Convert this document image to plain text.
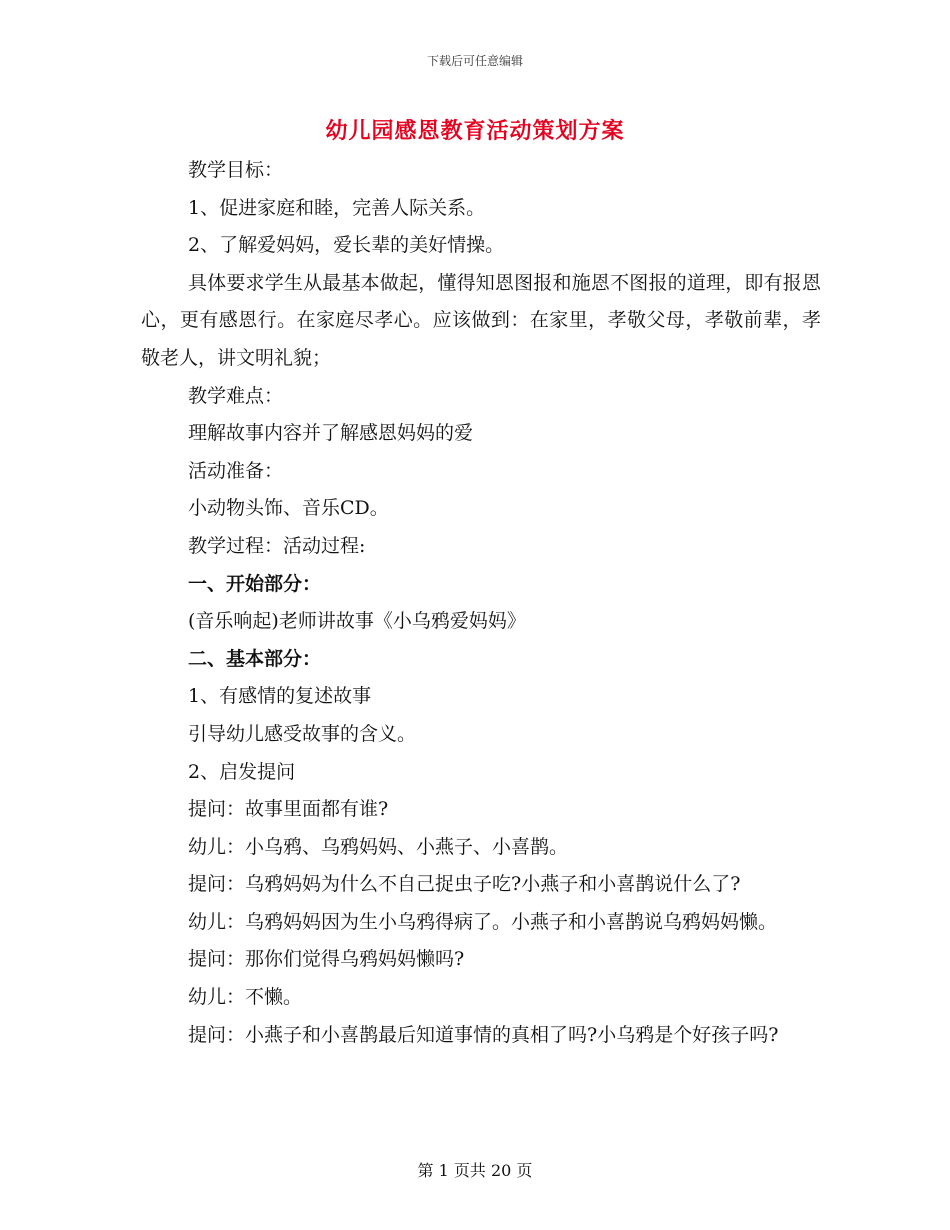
下载后可任意编辑
幼儿园感恩教育活动策划方案

教学目标：

1、促进家庭和睦，完善人际关系。

2、了解爱妈妈，爱长辈的美好情操。

具体要求学生从最基本做起，懂得知恩图报和施恩不图报的道理，即有报恩心，更有感恩行。在家庭尽孝心。应该做到：在家里，孝敬父母，孝敬前辈，孝敬老人，讲文明礼貌；

教学难点：

理解故事内容并了解感恩妈妈的爱

活动准备：

小动物头饰、音乐CD。

教学过程：活动过程:

一、开始部分：

(音乐响起)老师讲故事《小乌鸦爱妈妈》

二、基本部分：

1、有感情的复述故事

引导幼儿感受故事的含义。

2、启发提问

提问：故事里面都有谁?

幼儿：小乌鸦、乌鸦妈妈、小燕子、小喜鹊。

提问：乌鸦妈妈为什么不自己捉虫子吃?小燕子和小喜鹊说什么了?

幼儿：乌鸦妈妈因为生小乌鸦得病了。小燕子和小喜鹊说乌鸦妈妈懒。

提问：那你们觉得乌鸦妈妈懒吗?

幼儿：不懒。

提问：小燕子和小喜鹊最后知道事情的真相了吗?小乌鸦是个好孩子吗?

第 1 页共 20 页
